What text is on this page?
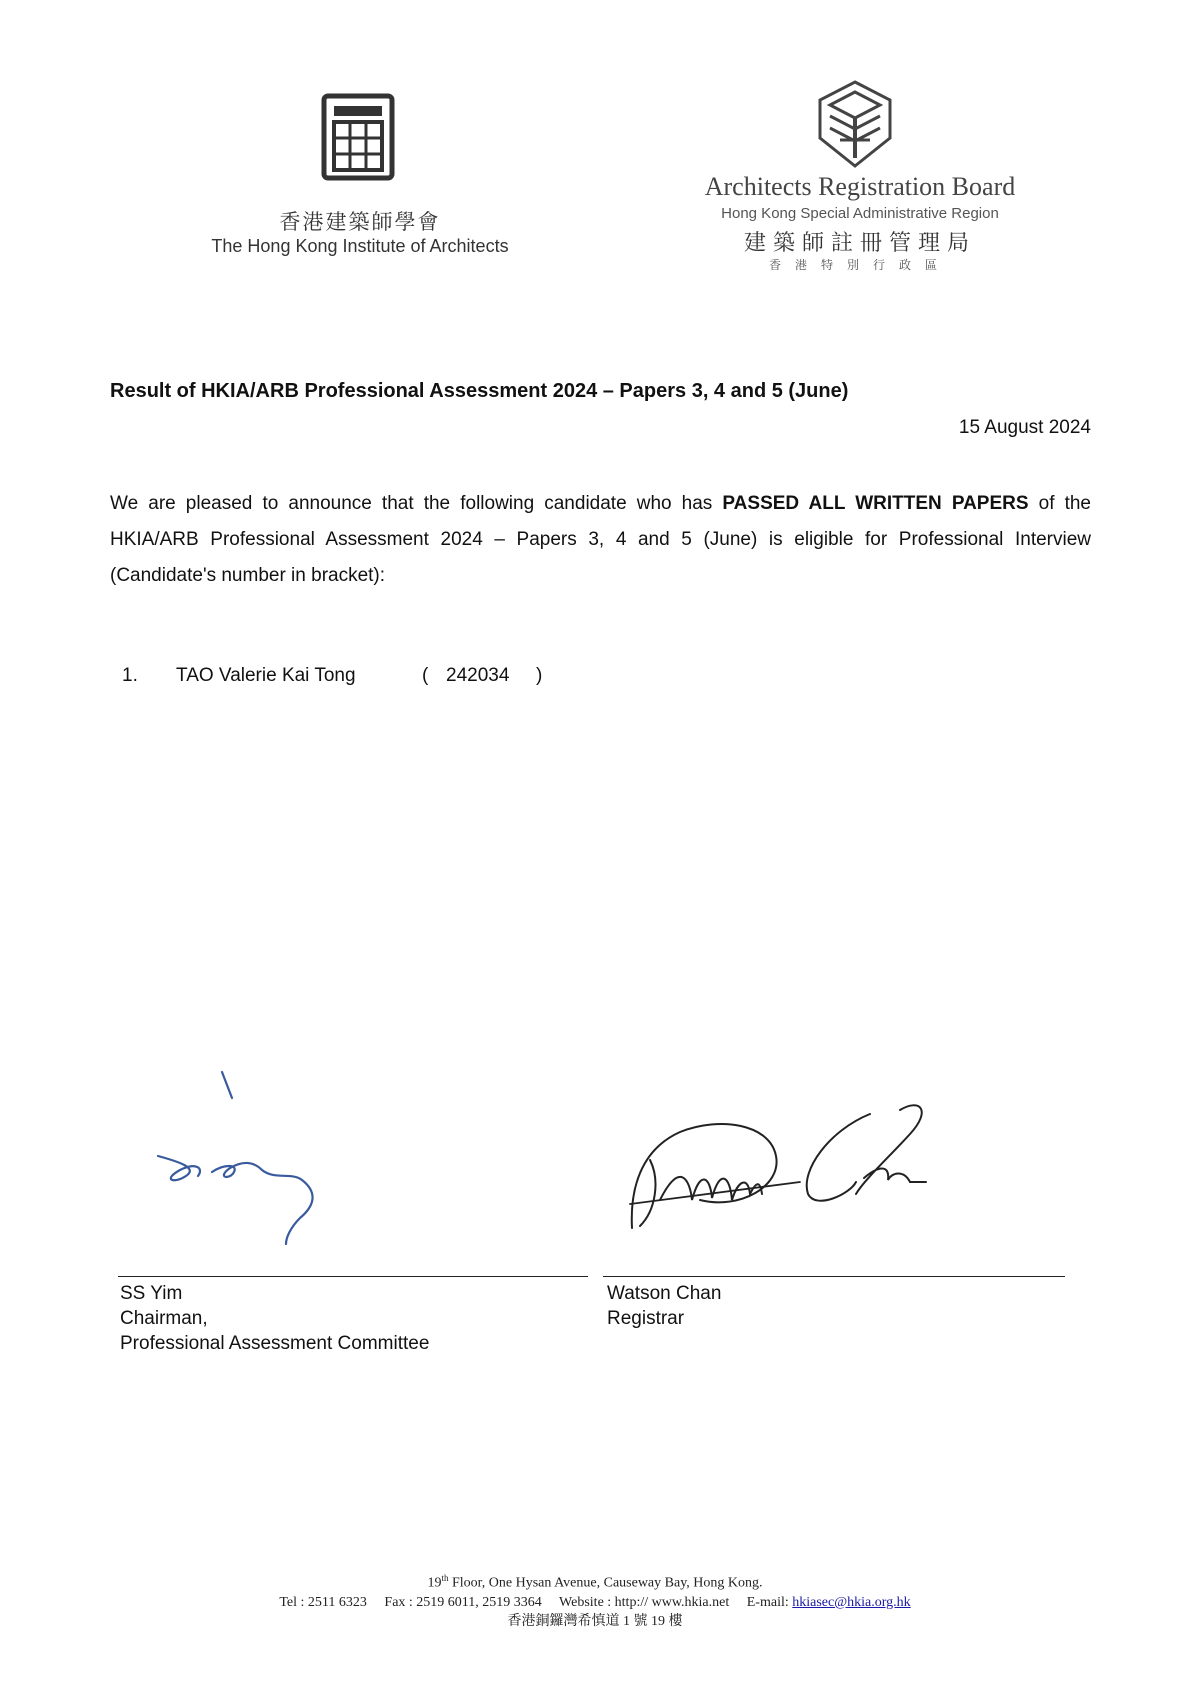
香港建築師學會
The Hong Kong Institute of Architects
Architects Registration Board
Hong Kong Special Administrative Region
建築師註冊管理局
香港特別行政區
Result of HKIA/ARB Professional Assessment 2024 – Papers 3, 4 and 5 (June)
15 August 2024
We are pleased to announce that the following candidate who has PASSED ALL WRITTEN PAPERS of the HKIA/ARB Professional Assessment 2024 – Papers 3, 4 and 5 (June) is eligible for Professional Interview (Candidate's number in bracket):
1. TAO Valerie Kai Tong	( 242034 )
SS Yim
Chairman,
Professional Assessment Committee
Watson Chan
Registrar
19th Floor, One Hysan Avenue, Causeway Bay, Hong Kong.
Tel : 2511 6323 Fax : 2519 6011, 2519 3364 Website : http:// www.hkia.net E-mail: hkiasec@hkia.org.hk
香港銅鑼灣希慎道 1 號 19 樓
